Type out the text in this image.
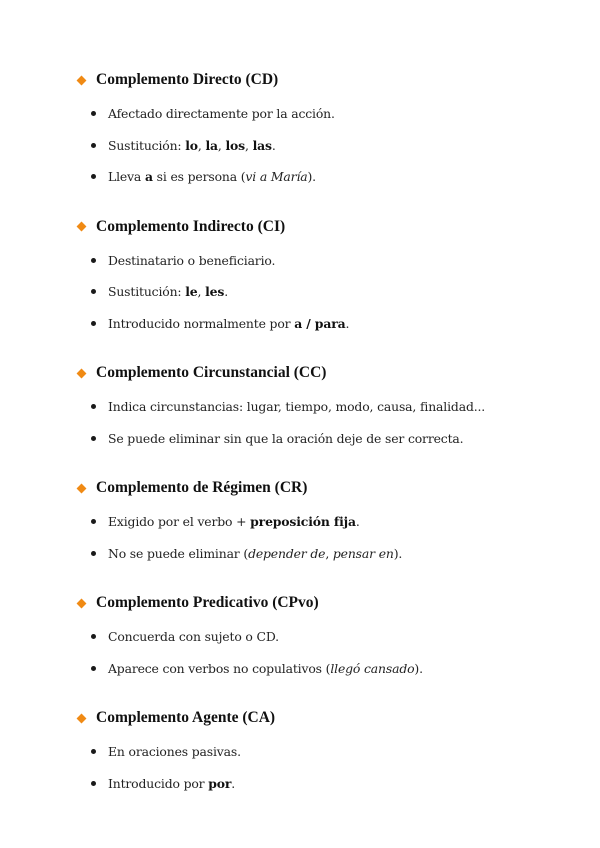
Complemento Directo (CD)
Afectado directamente por la acción.
Sustitución: lo, la, los, las.
Lleva a si es persona (vi a María).
Complemento Indirecto (CI)
Destinatario o beneficiario.
Sustitución: le, les.
Introducido normalmente por a / para.
Complemento Circunstancial (CC)
Indica circunstancias: lugar, tiempo, modo, causa, finalidad...
Se puede eliminar sin que la oración deje de ser correcta.
Complemento de Régimen (CR)
Exigido por el verbo + preposición fija.
No se puede eliminar (depender de, pensar en).
Complemento Predicativo (CPvo)
Concuerda con sujeto o CD.
Aparece con verbos no copulativos (llegó cansado).
Complemento Agente (CA)
En oraciones pasivas.
Introducido por por.
